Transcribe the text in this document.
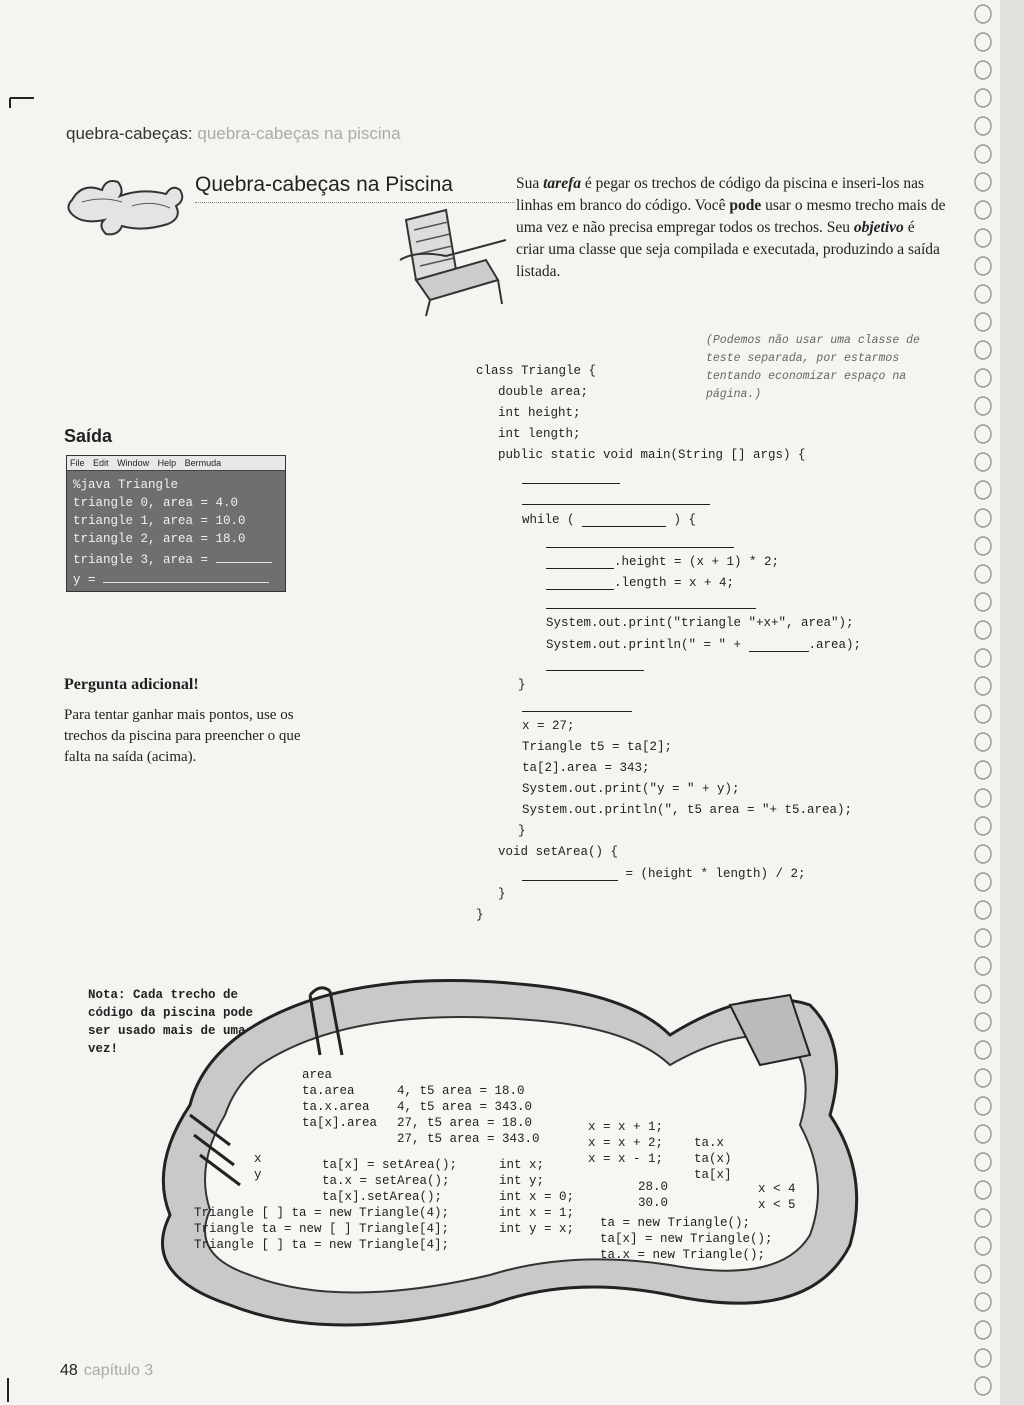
quebra-cabeças: quebra-cabeças na piscina
Quebra-cabeças na Piscina	Sua tarefa é pegar os trechos de código da piscina e inseri-los nas linhas em branco do código. Você pode usar o mesmo trecho mais de uma vez e não precisa empregar todos os trechos. Seu objetivo é criar uma classe que seja compilada e executada, produzindo a saída listada.
(Podemos não usar uma classe de teste separada, por estarmos tentando economizar espaço na página.)
class Triangle {
double area;
int height;
int length;
public static void main(String [] args) {
while (	) {
.height = (x + 1) * 2;
.length = x + 4;
System.out.print("triangle "+x+", area");
System.out.println(" = " +	.area);
}
x = 27;
Triangle t5 = ta[2];
ta[2].area = 343;
System.out.print("y = " + y);
System.out.println(", t5 area = "+ t5.area);
}
void setArea() {
= (height * length) / 2;
}
}
Saída
File Edit Window Help Bermuda
%java Triangle
triangle 0, area = 4.0
triangle 1, area = 10.0
triangle 2, area = 18.0
triangle 3, area =
y =
Pergunta adicional!
Para tentar ganhar mais pontos, use os trechos da piscina para preencher o que falta na saída (acima).
Nota: Cada trecho de código da piscina pode ser usado mais de uma vez!
area
ta.area
ta.x.area
ta[x].area
4, t5 area = 18.0
4, t5 area = 343.0
27, t5 area = 18.0
27, t5 area = 343.0
x = x + 1;
x = x + 2;
x = x - 1;
ta.x
ta(x)
ta[x]
x
y
ta[x] = setArea();
ta.x = setArea();
ta[x].setArea();
int x;
int y;
int x = 0;
int x = 1;
int y = x;
28.0
30.0
x < 4
x < 5
Triangle [ ] ta = new Triangle(4);
Triangle ta = new [ ] Triangle[4];
Triangle [ ] ta = new Triangle[4];
ta = new Triangle();
ta[x] = new Triangle();
ta.x = new Triangle();
48 capítulo 3
